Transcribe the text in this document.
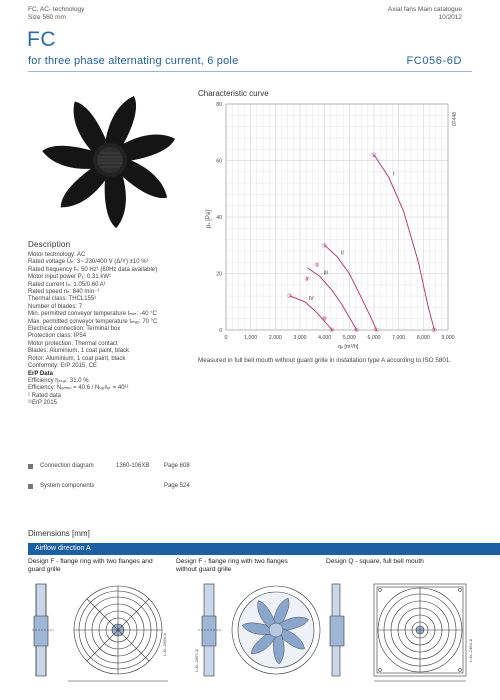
FC, AC- technology
Size 560 mm
Axial fans Main catalogue
10/2012
FC
for three phase alternating current, 6 pole	FC056-6D
Characteristic curve
0	1,000 2,000 3,000 4,000 5,000 6,000 7,000 8,000 9,000
0
20
40
60
80
I
II
III
IV
①
②
③
④
⑤
⑥
⑦
⑧
⑨
⑩
pₛ [Pa]
qᵥ [m³/h]
07448
Measured in full bell mouth without guard grille in installation type A according to ISO 5801.
Description
Motor technology: AC
Rated voltage Uₙ: 3~ 230/400 V (Δ/Y) ±10 %¹
Rated frequency fₙ: 50 Hz¹ (60Hz data available)
Motor input power P₁: 0.31 kW¹
Rated current Iₙ: 1.05/0.60 A¹
Rated speed nₙ: 840 min⁻¹
Thermal class: THCL155¹
Number of blades: 7
Min. permitted conveyor temperature tₘᵢₙ: -40 °C
Max. permitted conveyor temperature tₘₐₓ: 70 °C
Electrical connection: Terminal box
Protection class: IP54
Motor protection: Thermal contact
Blades: Aluminium, 1 coat paint, black
Rotor: Aluminium, 1 coat paint, black
Conformity: ErP 2015, CE
ErP Data
Efficiency ηₛₜₐₜ: 31.0 %
Efficiency: Nₐₙₙₑₗ = 40.6 / Nₜₐᵣᵍₑₜ = 40¹¹
¹ Rated data
¹¹ErP 2015
Connection diagram	1360-106XB Page 608
System components	Page 524
Dimensions [mm]
Airflow direction A
Design F - flange ring with two flanges and guard grille
Design F - flange ring with two flanges without guard grille
Design Q - square, full bell mouth
L-KL-2666-1l
L-KL-2667-1l	L-KL-2464-1l
